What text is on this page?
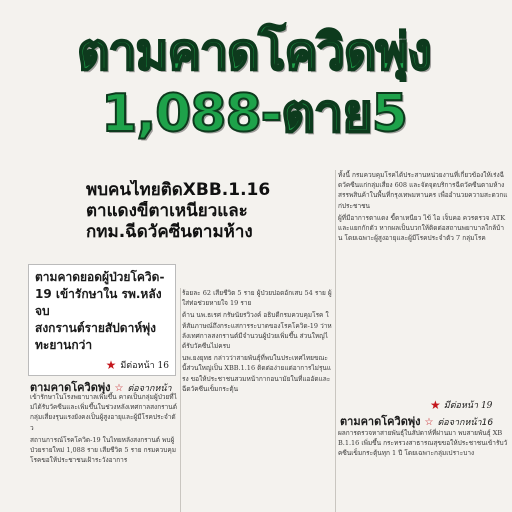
ตามคาดโควิดพุ่ง
1,088-ตาย5
พบคนไทยติดXBB.1.16
ตาแดงขี้ตาเหนียวและ
กทม.ฉีดวัคซีนตามห้าง
ตามคาดยอดผู้ป่วยโควิด-
19 เข้ารักษาใน รพ.หลังจบ
สงกรานต์รายสัปดาห์พุ่ง
ทะยานกว่า
★ มีต่อหน้า 16
ตามคาดโควิดพุ่ง ☆ ต่อจากหน้า

เข้ารักษาในโรงพยาบาลเพิ่มขึ้น คาดเป็นกลุ่มผู้ป่วยที่ไม่ได้รับวัคซีนและเพิ่มขึ้นในช่วงหลังเทศกาลสงกรานต์ กลุ่มเสี่ยงรุนแรงยังคงเป็นผู้สูงอายุและผู้มีโรคประจำตัว

สถานการณ์โรคโควิด-19 ในไทยหลังสงกรานต์ พบผู้ป่วยรายใหม่ 1,088 ราย เสียชีวิต 5 ราย กรมควบคุมโรคขอให้ประชาชนเฝ้าระวังอาการ

ร้อยละ 62 เสียชีวิต 5 ราย ผู้ป่วยปอดอักเสบ 54 ราย ผู้ใส่ท่อช่วยหายใจ 19 ราย

ด้าน นพ.ธเรศ กรัษนัยรวิวงค์ อธิบดีกรมควบคุมโรค ให้สัมภาษณ์ถึงกระแสการระบาดของโรคโควิด-19 ว่าหลังเทศกาลสงกรานต์มีจำนวนผู้ป่วยเพิ่มขึ้น ส่วนใหญ่ได้รับวัคซีนไม่ครบ

นพ.ยงยุทธ กล่าวว่าสายพันธุ์ที่พบในประเทศไทยขณะนี้ส่วนใหญ่เป็น XBB.1.16 ติดต่อง่ายแต่อาการไม่รุนแรง ขอให้ประชาชนสวมหน้ากากอนามัยในที่แออัดและฉีดวัคซีนเข็มกระตุ้น

ทั้งนี้ กรมควบคุมโรคได้ประสานหน่วยงานที่เกี่ยวข้องให้เร่งฉีดวัคซีนแก่กลุ่มเสี่ยง 608 และจัดจุดบริการฉีดวัคซีนตามห้างสรรพสินค้าในพื้นที่กรุงเทพมหานคร เพื่ออำนวยความสะดวกแก่ประชาชน

ผู้ที่มีอาการตาแดง ขี้ตาเหนียว ไข้ ไอ เจ็บคอ ควรตรวจ ATK และแยกกักตัว หากผลเป็นบวกให้ติดต่อสถานพยาบาลใกล้บ้าน โดยเฉพาะผู้สูงอายุและผู้มีโรคประจำตัว 7 กลุ่มโรค

★ มีต่อหน้า 19
ตามคาดโควิดพุ่ง ☆ ต่อจากหน้า16

ผลการตรวจหาสายพันธุ์ในสัปดาห์ที่ผ่านมา พบสายพันธุ์ XBB.1.16 เพิ่มขึ้น กระทรวงสาธารณสุขขอให้ประชาชนเข้ารับวัคซีนเข็มกระตุ้นทุก 1 ปี โดยเฉพาะกลุ่มเปราะบาง
